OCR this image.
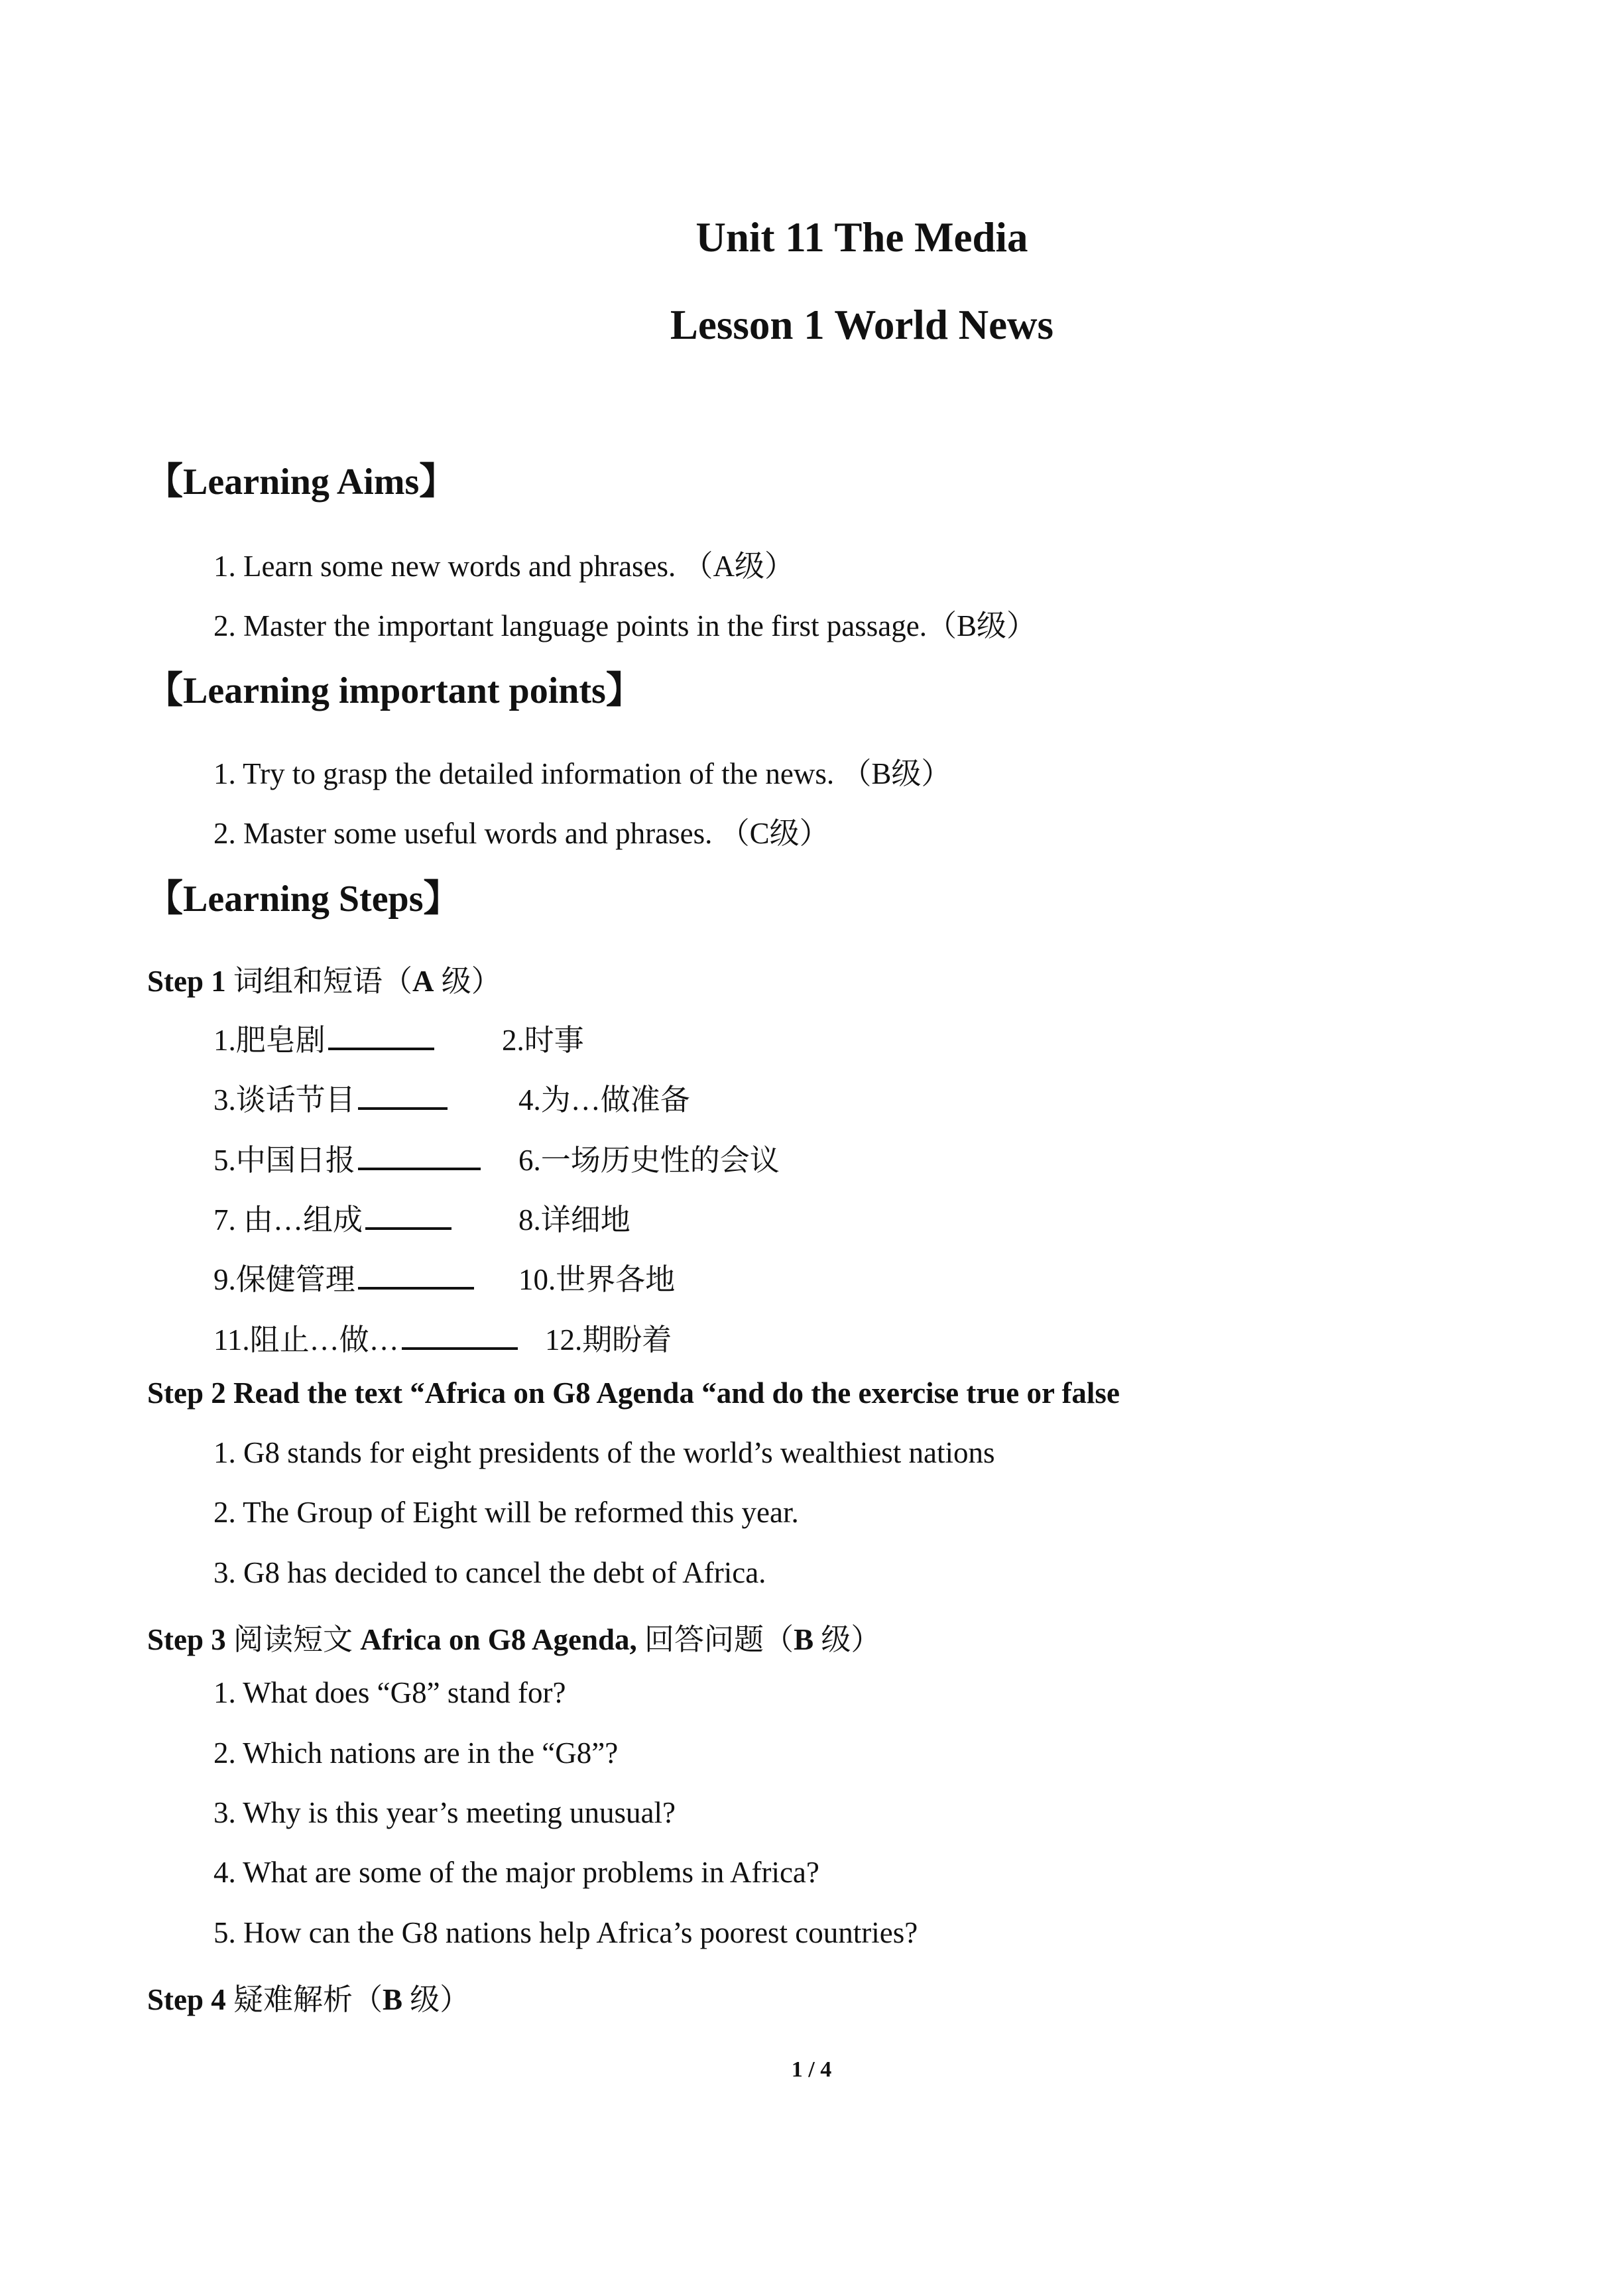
Unit 11 The Media
Lesson 1 World News
【Learning Aims】
1. Learn some new words and phrases. （A级）
2. Master the important language points in the first passage.（B级）
【Learning important points】
1. Try to grasp the detailed information of the news. （B级）
2. Master some useful words and phrases. （C级）
【Learning Steps】
Step 1 词组和短语（A 级）
1.肥皂剧	2.时事
3.谈话节目	4.为…做准备
5.中国日报	6.一场历史性的会议
7. 由…组成	8.详细地
9.保健管理	10.世界各地
11.阻止…做…	12.期盼着
Step 2 Read the text “Africa on G8 Agenda “and do the exercise true or false
1. G8 stands for eight presidents of the world’s wealthiest nations
2. The Group of Eight will be reformed this year.
3. G8 has decided to cancel the debt of Africa.
Step 3 阅读短文 Africa on G8 Agenda, 回答问题（B 级）
1. What does “G8” stand for?
2. Which nations are in the “G8”?
3. Why is this year’s meeting unusual?
4. What are some of the major problems in Africa?
5. How can the G8 nations help Africa’s poorest countries?
Step 4 疑难解析（B 级）
1 / 4
